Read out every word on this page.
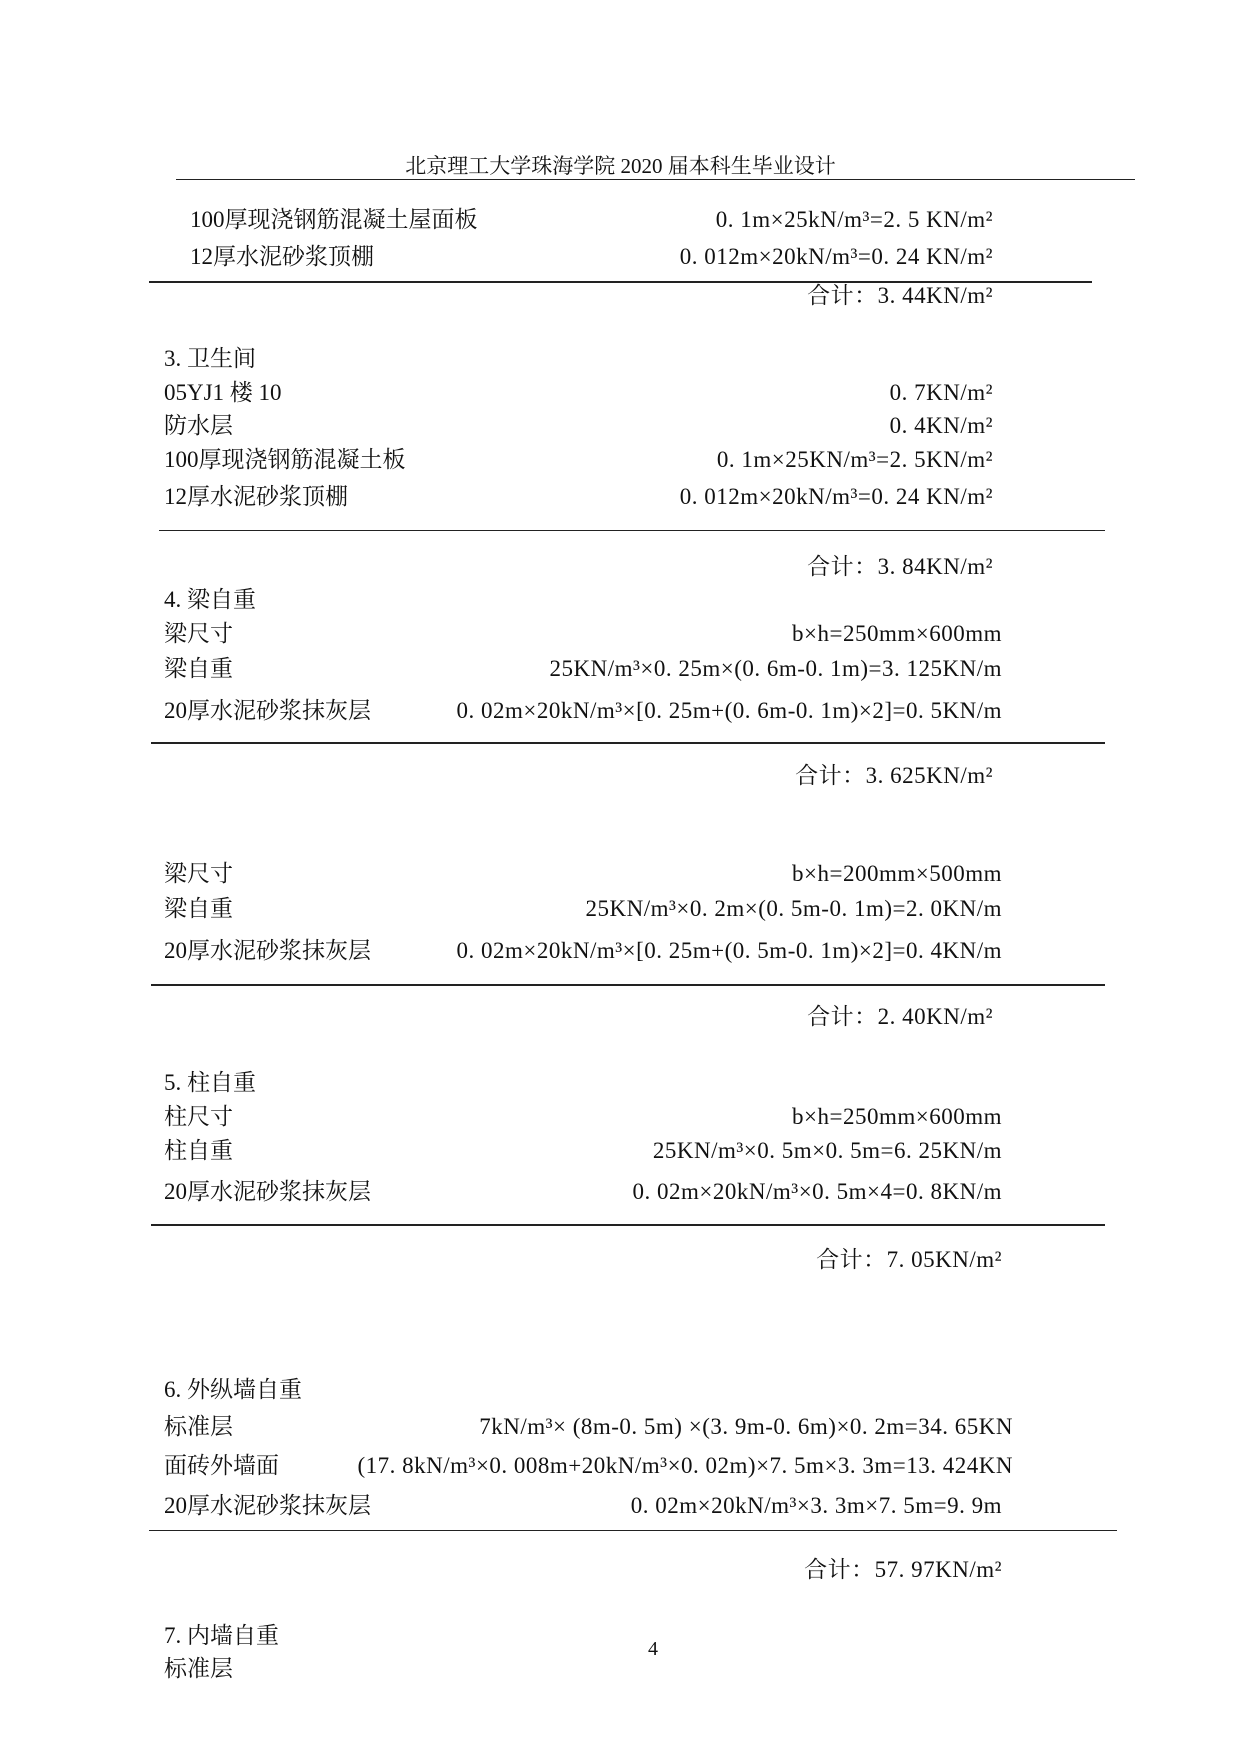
北京理工大学珠海学院 2020 届本科生毕业设计
100厚现浇钢筋混凝土屋面板	0. 1m×25kN/m³=2. 5 KN/m²
12厚水泥砂浆顶棚	0. 012m×20kN/m³=0. 24 KN/m²
合计：3. 44KN/m²
3. 卫生间
05YJ1 楼 10	0. 7KN/m²
防水层	0. 4KN/m²
100厚现浇钢筋混凝土板	0. 1m×25KN/m³=2. 5KN/m²
12厚水泥砂浆顶棚	0. 012m×20kN/m³=0. 24 KN/m²
合计：3. 84KN/m²
4. 梁自重
梁尺寸	b×h=250mm×600mm
梁自重	25KN/m³×0. 25m×(0. 6m-0. 1m)=3. 125KN/m
20厚水泥砂浆抹灰层	0. 02m×20kN/m³×[0. 25m+(0. 6m-0. 1m)×2]=0. 5KN/m
合计：3. 625KN/m²
梁尺寸	b×h=200mm×500mm
梁自重	25KN/m³×0. 2m×(0. 5m-0. 1m)=2. 0KN/m
20厚水泥砂浆抹灰层	0. 02m×20kN/m³×[0. 25m+(0. 5m-0. 1m)×2]=0. 4KN/m
合计：2. 40KN/m²
5. 柱自重
柱尺寸	b×h=250mm×600mm
柱自重	25KN/m³×0. 5m×0. 5m=6. 25KN/m
20厚水泥砂浆抹灰层	0. 02m×20kN/m³×0. 5m×4=0. 8KN/m
合计：7. 05KN/m²
6. 外纵墙自重
标准层	7kN/m³× (8m-0. 5m) ×(3. 9m-0. 6m)×0. 2m=34. 65KN
面砖外墙面	(17. 8kN/m³×0. 008m+20kN/m³×0. 02m)×7. 5m×3. 3m=13. 424KN
20厚水泥砂浆抹灰层	0. 02m×20kN/m³×3. 3m×7. 5m=9. 9m
合计：57. 97KN/m²
7. 内墙自重
标准层
4
